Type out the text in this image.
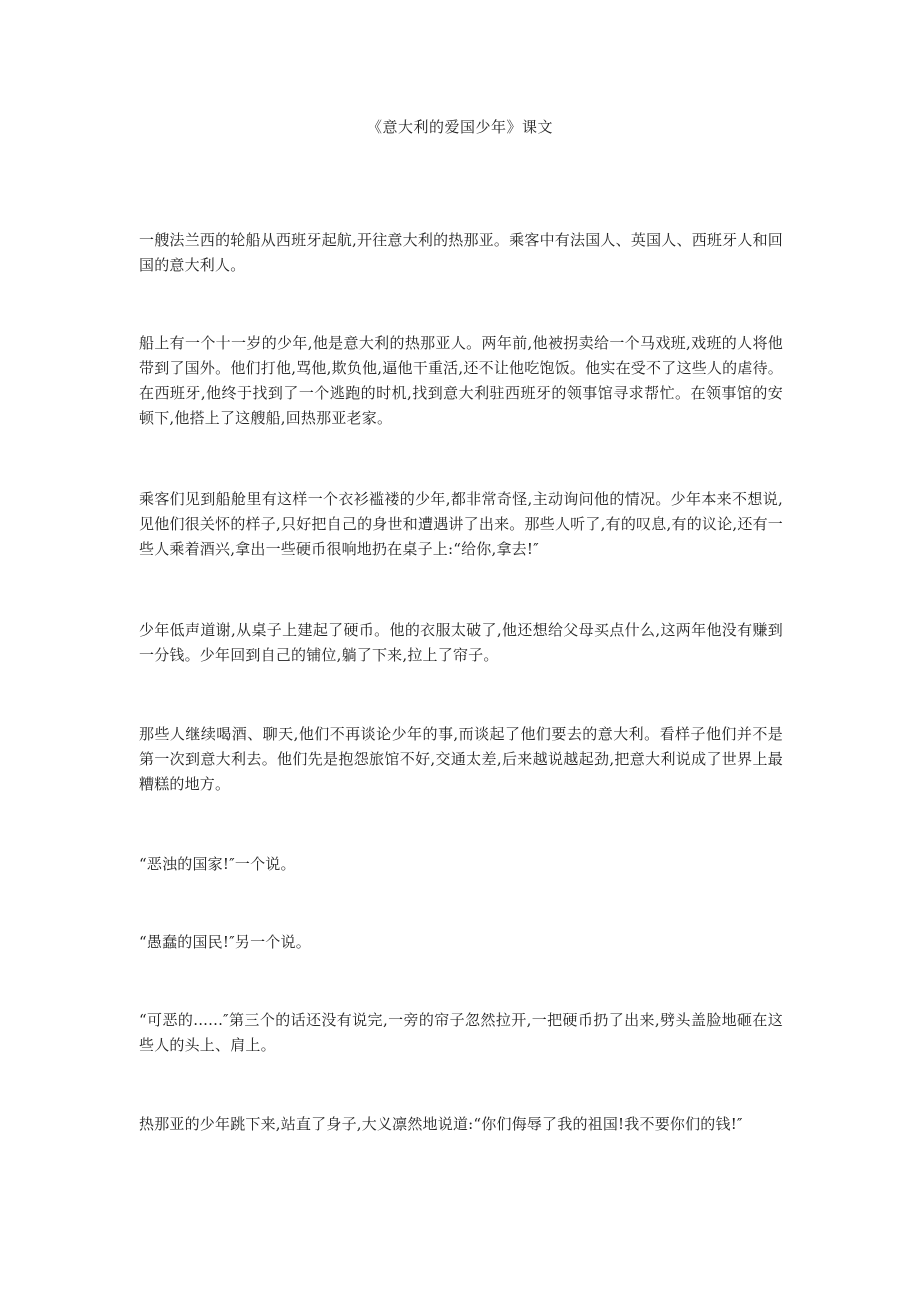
《意大利的爱国少年》课文

一艘法兰西的轮船从西班牙起航,开往意大利的热那亚。乘客中有法国人、英国人、西班牙人和回国的意大利人。

船上有一个十一岁的少年,他是意大利的热那亚人。两年前,他被拐卖给一个马戏班,戏班的人将他带到了国外。他们打他,骂他,欺负他,逼他干重活,还不让他吃饱饭。他实在受不了这些人的虐待。在西班牙,他终于找到了一个逃跑的时机,找到意大利驻西班牙的领事馆寻求帮忙。在领事馆的安顿下,他搭上了这艘船,回热那亚老家。

乘客们见到船舱里有这样一个衣衫褴褛的少年,都非常奇怪,主动询问他的情况。少年本来不想说,见他们很关怀的样子,只好把自己的身世和遭遇讲了出来。那些人听了,有的叹息,有的议论,还有一些人乘着酒兴,拿出一些硬币很响地扔在桌子上:“给你,拿去!″

少年低声道谢,从桌子上建起了硬币。他的衣服太破了,他还想给父母买点什么,这两年他没有赚到一分钱。少年回到自己的铺位,躺了下来,拉上了帘子。

那些人继续喝酒、聊天,他们不再谈论少年的事,而谈起了他们要去的意大利。看样子他们并不是第一次到意大利去。他们先是抱怨旅馆不好,交通太差,后来越说越起劲,把意大利说成了世界上最糟糕的地方。

“恶浊的国家!″一个说。

“愚蠢的国民!″另一个说。

“可恶的......″第三个的话还没有说完,一旁的帘子忽然拉开,一把硬币扔了出来,劈头盖脸地砸在这些人的头上、肩上。

热那亚的少年跳下来,站直了身子,大义凛然地说道:“你们侮辱了我的祖国!我不要你们的钱!″
